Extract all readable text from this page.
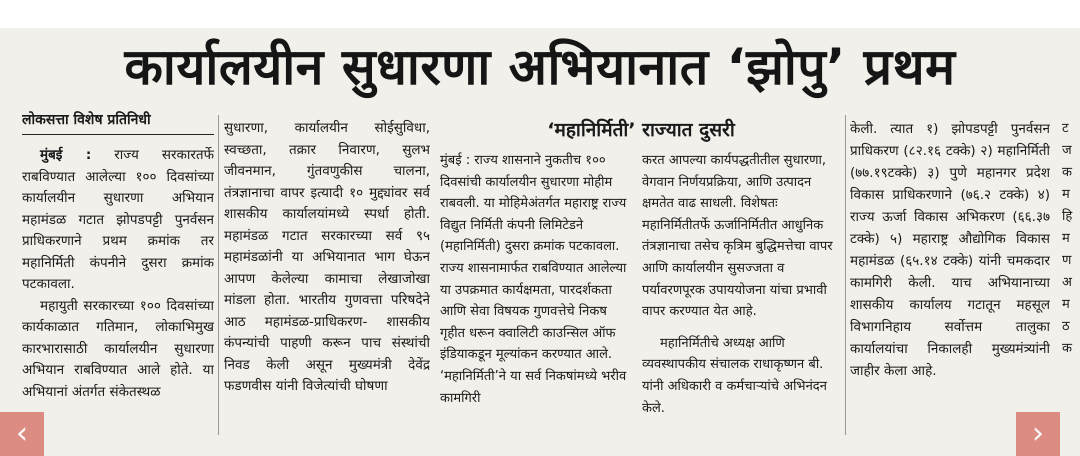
कार्यालयीन सुधारणा अभियानात ‘झोपु’ प्रथम
लोकसत्ता विशेष प्रतिनिधी

मुंबई : राज्य सरकारतर्फे राबविण्यात आलेल्या १०० दिवसांच्या कार्यालयीन सुधारणा अभियान महामंडळ गटात झोपडपट्टी पुनर्वसन प्राधिकरणाने प्रथम क्रमांक तर महानिर्मिती कंपनीने दुसरा क्रमांक पटकावला.

महायुती सरकारच्या १०० दिवसांच्या कार्यकाळात गतिमान, लोकाभिमुख कारभारासाठी कार्यालयीन सुधारणा अभियान राबविण्यात आले होते. या अभियानां अंतर्गत संकेतस्थळ

सुधारणा, कार्यालयीन सोईसुविधा, स्वच्छता, तक्रार निवारण, सुलभ जीवनमान, गुंतवणुकीस चालना, तंत्रज्ञानाचा वापर इत्यादी १० मुद्द्यांवर सर्व शासकीय कार्यालयांमध्ये स्पर्धा होती. महामंडळ गटात सरकारच्या सर्व ९५ महामंडळांनी या अभियानात भाग घेऊन आपण केलेल्या कामाचा लेखाजोखा मांडला होता. भारतीय गुणवत्ता परिषदेने आठ महामंडळ-प्राधिकरण- शासकीय कंपन्यांची पाहणी करून पाच संस्थांची निवड केली असून मुख्यमंत्री देवेंद्र फडणवीस यांनी विजेत्यांची घोषणा

‘महानिर्मिती’ राज्यात दुसरी

मुंबई : राज्य शासनाने नुकतीच १०० दिवसांची कार्यालयीन सुधारणा मोहीम राबवली. या मोहिमेअंतर्गत महाराष्ट्र राज्य विद्युत निर्मिती कंपनी लिमिटेडने (महानिर्मिती) दुसरा क्रमांक पटकावला. राज्य शासनामार्फत राबविण्यात आलेल्या या उपक्रमात कार्यक्षमता, पारदर्शकता आणि सेवा विषयक गुणवत्तेचे निकष गृहीत धरून क्वालिटी काउन्सिल ऑफ इंडियाकडून मूल्यांकन करण्यात आले. ‘महानिर्मिती’ने या सर्व निकषांमध्ये भरीव कामगिरी

करत आपल्या कार्यपद्धतीतील सुधारणा, वेगवान निर्णयप्रक्रिया, आणि उत्पादन क्षमतेत वाढ साधली. विशेषतः महानिर्मितीतर्फे ऊर्जानिर्मितीत आधुनिक तंत्रज्ञानाचा तसेच कृत्रिम बुद्धिमत्तेचा वापर आणि कार्यालयीन सुसज्जता व पर्यावरणपूरक उपाययोजना यांचा प्रभावी वापर करण्यात येत आहे.

महानिर्मितीचे अध्यक्ष आणि व्यवस्थापकीय संचालक राधाकृष्णन बी. यांनी अधिकारी व कर्मचाऱ्यांचे अभिनंदन केले.

केली. त्यात १) झोपडपट्टी पुनर्वसन प्राधिकरण (८२.१६ टक्के) २) महानिर्मिती (७७.१९टक्के) ३) पुणे महानगर प्रदेश विकास प्राधिकरणाने (७६.२ टक्के) ४) राज्य ऊर्जा विकास अभिकरण (६६.३७ टक्के) ५) महाराष्ट्र औद्योगिक विकास महामंडळ (६५.१४ टक्के) यांनी चमकदार कामगिरी केली. याच अभियानाच्या शासकीय कार्यालय गटातून महसूल विभागनिहाय सर्वोत्तम तालुका कार्यालयांचा निकालही मुख्यमंत्र्यांनी जाहीर केला आहे.

ट
ज
क
म
हि
म
ण
अ
म
ठ
क
‹	›
